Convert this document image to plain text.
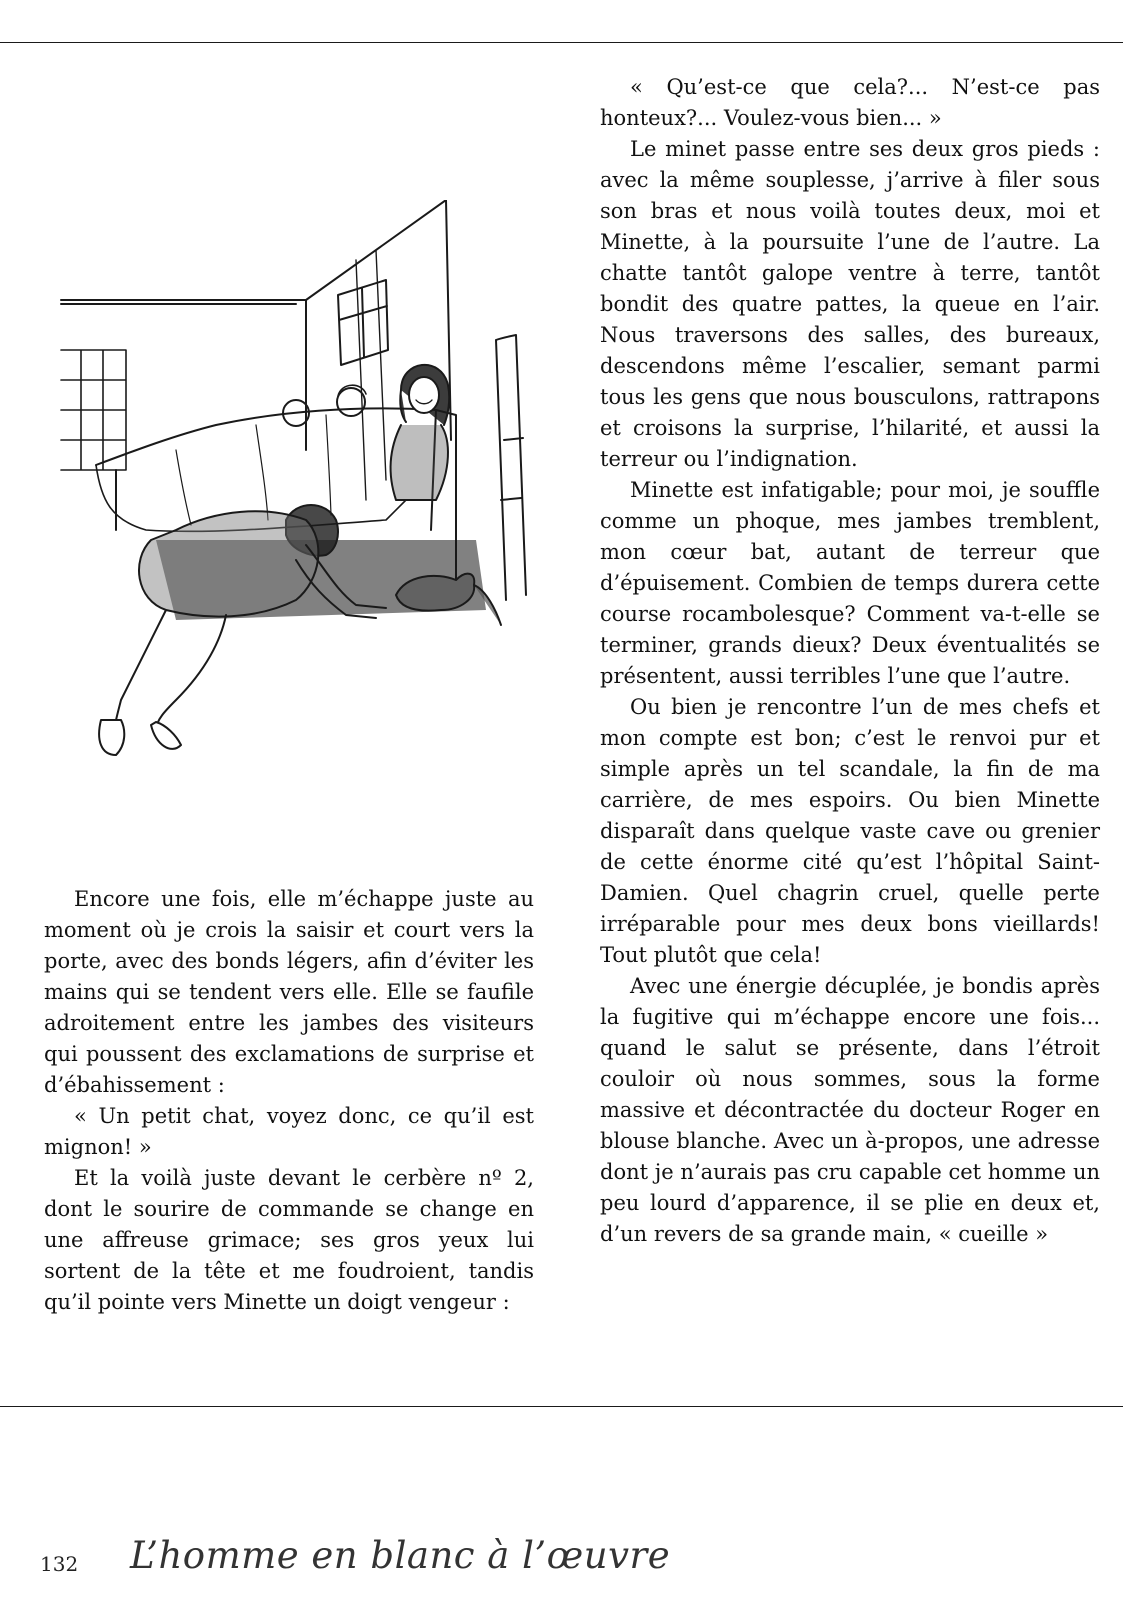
« Qu’est-ce que cela?... N’est-ce pas honteux?... Voulez-vous bien... »

Le minet passe entre ses deux gros pieds : avec la même souplesse, j’arrive à filer sous son bras et nous voilà toutes deux, moi et Minette, à la poursuite l’une de l’autre. La chatte tantôt galope ventre à terre, tantôt bondit des quatre pattes, la queue en l’air. Nous traversons des salles, des bureaux, descendons même l’escalier, semant parmi tous les gens que nous bousculons, rattrapons et croisons la surprise, l’hilarité, et aussi la terreur ou l’indignation.

Minette est infatigable; pour moi, je souffle comme un phoque, mes jambes tremblent, mon cœur bat, autant de terreur que d’épuisement. Combien de temps durera cette course rocambolesque? Comment va-t-elle se terminer, grands dieux? Deux éventualités se présentent, aussi terribles l’une que l’autre.

Ou bien je rencontre l’un de mes chefs et mon compte est bon; c’est le renvoi pur et simple après un tel scandale, la fin de ma carrière, de mes espoirs. Ou bien Minette disparaît dans quelque vaste cave ou grenier de cette énorme cité qu’est l’hôpital Saint-Damien. Quel chagrin cruel, quelle perte irréparable pour mes deux bons vieillards! Tout plutôt que cela!

Avec une énergie décuplée, je bondis après la fugitive qui m’échappe encore une fois... quand le salut se présente, dans l’étroit couloir où nous sommes, sous la forme massive et décontractée du docteur Roger en blouse blanche. Avec un à-propos, une adresse dont je n’aurais pas cru capable cet homme un peu lourd d’apparence, il se plie en deux et, d’un revers de sa grande main, « cueille »

Encore une fois, elle m’échappe juste au moment où je crois la saisir et court vers la porte, avec des bonds légers, afin d’éviter les mains qui se tendent vers elle. Elle se faufile adroitement entre les jambes des visiteurs qui poussent des exclamations de surprise et d’ébahissement :

« Un petit chat, voyez donc, ce qu’il est mignon! »

Et la voilà juste devant le cerbère nº 2, dont le sourire de commande se change en une affreuse grimace; ses gros yeux lui sortent de la tête et me foudroient, tandis qu’il pointe vers Minette un doigt vengeur :

132 L’homme en blanc à l’œuvre
